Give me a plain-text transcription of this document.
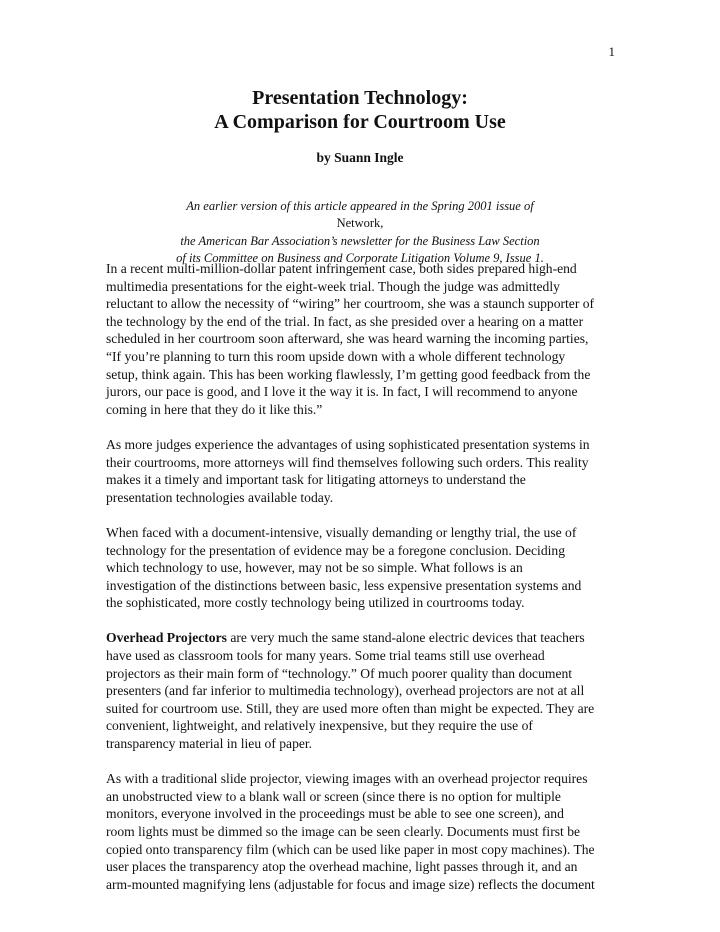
1
Presentation Technology:
A Comparison for Courtroom Use
by Suann Ingle
An earlier version of this article appeared in the Spring 2001 issue of
Network,
the American Bar Association’s newsletter for the Business Law Section
of its Committee on Business and Corporate Litigation Volume 9, Issue 1.

In a recent multi-million-dollar patent infringement case, both sides prepared high-end
multimedia presentations for the eight-week trial. Though the judge was admittedly
reluctant to allow the necessity of “wiring” her courtroom, she was a staunch supporter of
the technology by the end of the trial. In fact, as she presided over a hearing on a matter
scheduled in her courtroom soon afterward, she was heard warning the incoming parties,
“If you’re planning to turn this room upside down with a whole different technology
setup, think again. This has been working flawlessly, I’m getting good feedback from the
jurors, our pace is good, and I love it the way it is. In fact, I will recommend to anyone
coming in here that they do it like this.”

As more judges experience the advantages of using sophisticated presentation systems in
their courtrooms, more attorneys will find themselves following such orders. This reality
makes it a timely and important task for litigating attorneys to understand the
presentation technologies available today.

When faced with a document-intensive, visually demanding or lengthy trial, the use of
technology for the presentation of evidence may be a foregone conclusion. Deciding
which technology to use, however, may not be so simple. What follows is an
investigation of the distinctions between basic, less expensive presentation systems and
the sophisticated, more costly technology being utilized in courtrooms today.

Overhead Projectors are very much the same stand-alone electric devices that teachers
have used as classroom tools for many years. Some trial teams still use overhead
projectors as their main form of “technology.” Of much poorer quality than document
presenters (and far inferior to multimedia technology), overhead projectors are not at all
suited for courtroom use. Still, they are used more often than might be expected. They are
convenient, lightweight, and relatively inexpensive, but they require the use of
transparency material in lieu of paper.

As with a traditional slide projector, viewing images with an overhead projector requires
an unobstructed view to a blank wall or screen (since there is no option for multiple
monitors, everyone involved in the proceedings must be able to see one screen), and
room lights must be dimmed so the image can be seen clearly. Documents must first be
copied onto transparency film (which can be used like paper in most copy machines). The
user places the transparency atop the overhead machine, light passes through it, and an
arm-mounted magnifying lens (adjustable for focus and image size) reflects the document
